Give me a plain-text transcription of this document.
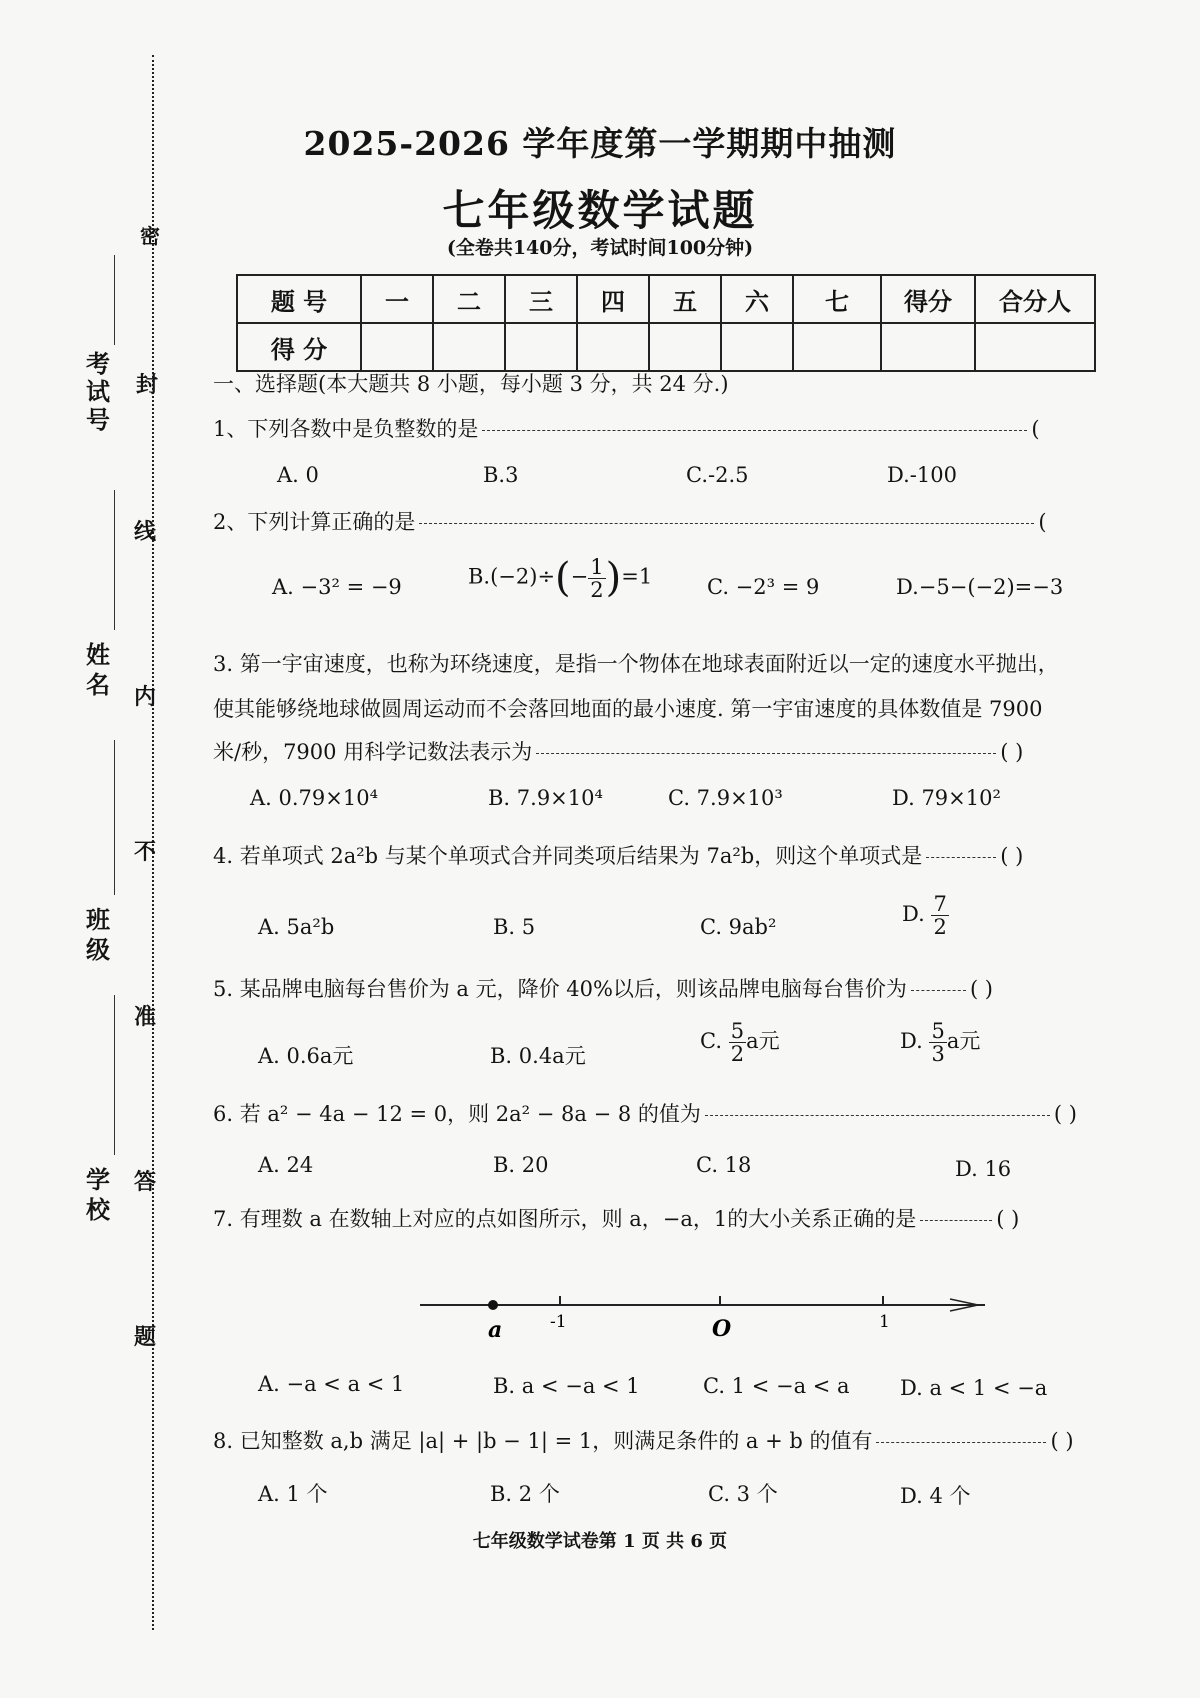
密
封
线
内
不
准
答
题
考试号
姓名
班级
学校
2025-2026 学年度第一学期期中抽测
七年级数学试题
(全卷共140分，考试时间100分钟)
题 号	一	二	三	四	五	六	七	得分	合分人
得 分									
一、选择题(本大题共 8 小题，每小题 3 分，共 24 分.)
1、下列各数中是负整数的是	(
A. 0	B.3	C.-2.5	D.-100
2、下列计算正确的是	(
A. −3² = −9	$B.(-2)\div(- \frac{1}{2} )=1$	C. −2³ = 9	D.−5−(−2)=−3
3. 第一宇宙速度，也称为环绕速度，是指一个物体在地球表面附近以一定的速度水平抛出，
使其能够绕地球做圆周运动而不会落回地面的最小速度. 第一宇宙速度的具体数值是 7900
米/秒，7900 用科学记数法表示为	( )
A. 0.79×10⁴	B. 7.9×10⁴	C. 7.9×10³	D. 79×10²
4. 若单项式 2a²b 与某个单项式合并同类项后结果为 7a²b，则这个单项式是	( )
A. 5a²b	B. 5	C. 9ab²
D. $\frac{7}{2}$
5. 某品牌电脑每台售价为 a 元，降价 40%以后，则该品牌电脑每台售价为	( )
A. 0.6a元	B. 0.4a元
C. $\frac{5}{2}$ a元	D. $\frac{5}{3}$ a元
6. 若 a² − 4a − 12 = 0，则 2a² − 8a − 8 的值为	( )
A. 24	B. 20	C. 18	D. 16
7. 有理数 a 在数轴上对应的点如图所示，则 a，−a，1的大小关系正确的是	( )
a	-1	O	1
A. −a < a < 1	B. a < −a < 1	C. 1 < −a < a D. a < 1 < −a
8. 已知整数 a,b 满足 |a| + |b − 1| = 1，则满足条件的 a + b 的值有	( )
A. 1 个	B. 2 个	C. 3 个	D. 4 个
七年级数学试卷第 1 页 共 6 页
